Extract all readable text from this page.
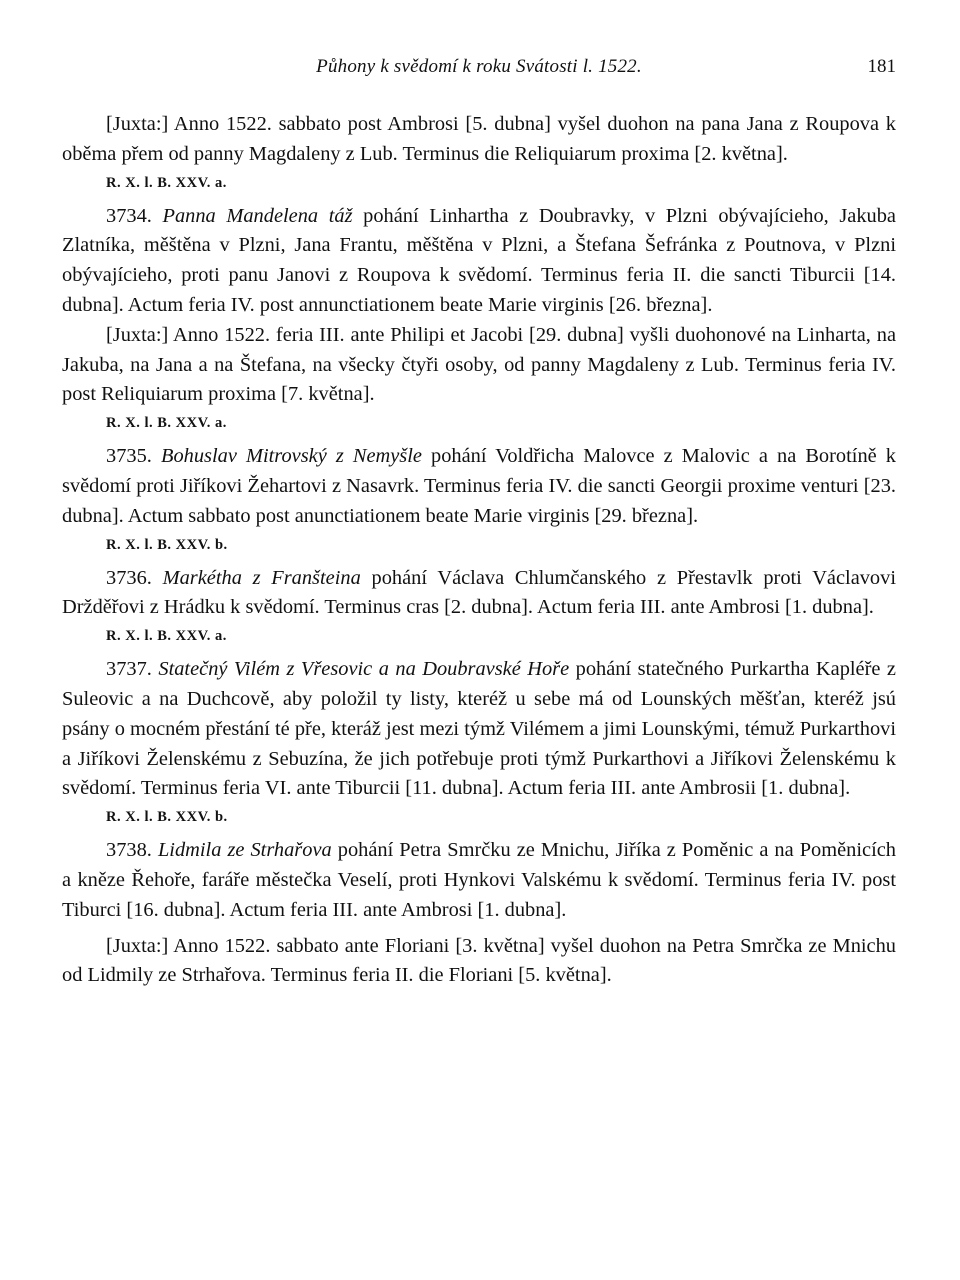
Půhony k svědomí k roku Svátosti l. 1522.	181

[Juxta:] Anno 1522. sabbato post Ambrosi [5. dubna] vyšel duohon na pana Jana z Roupova k oběma přem od panny Magdaleny z Lub. Terminus die Reliquiarum proxima [2. května].

R. X. l. B. XXV. a.

3734. Panna Mandelena táž pohání Linhartha z Doubravky, v Plzni obývajícieho, Jakuba Zlatníka, měštěna v Plzni, Jana Frantu, měštěna v Plzni, a Štefana Šefránka z Poutnova, v Plzni obývajícieho, proti panu Janovi z Roupova k svědomí. Terminus feria II. die sancti Tiburcii [14. dubna]. Actum feria IV. post annunctiationem beate Marie virginis [26. března].

[Juxta:] Anno 1522. feria III. ante Philipi et Jacobi [29. dubna] vyšli duohonové na Linharta, na Jakuba, na Jana a na Štefana, na všecky čtyři osoby, od panny Magdaleny z Lub. Terminus feria IV. post Reliquiarum proxima [7. května].

R. X. l. B. XXV. a.

3735. Bohuslav Mitrovský z Nemyšle pohání Voldřicha Malovce z Malovic a na Borotíně k svědomí proti Jiříkovi Žehartovi z Nasavrk. Terminus feria IV. die sancti Georgii proxime venturi [23. dubna]. Actum sabbato post anunctiationem beate Marie virginis [29. března].

R. X. l. B. XXV. b.

3736. Markétha z Franšteina pohání Václava Chlumčanského z Přestavlk proti Václavovi Držděřovi z Hrádku k svědomí. Terminus cras [2. dubna]. Actum feria III. ante Ambrosi [1. dubna].

R. X. l. B. XXV. a.

3737. Statečný Vilém z Vřesovic a na Doubravské Hoře pohání statečného Purkartha Kapléře z Suleovic a na Duchcově, aby položil ty listy, kteréž u sebe má od Lounských měšťan, kteréž jsú psány o mocném přestání té pře, kteráž jest mezi týmž Vilémem a jimi Lounskými, témuž Purkarthovi a Jiříkovi Želenskému z Sebuzína, že jich potřebuje proti týmž Purkarthovi a Jiříkovi Želenskému k svědomí. Terminus feria VI. ante Tiburcii [11. dubna]. Actum feria III. ante Ambrosii [1. dubna].

R. X. l. B. XXV. b.

3738. Lidmila ze Strhařova pohání Petra Smrčku ze Mnichu, Jiříka z Poměnic a na Poměnicích a kněze Řehoře, faráře městečka Veselí, proti Hynkovi Valskému k svědomí. Terminus feria IV. post Tiburci [16. dubna]. Actum feria III. ante Ambrosi [1. dubna].

[Juxta:] Anno 1522. sabbato ante Floriani [3. května] vyšel duohon na Petra Smrčka ze Mnichu od Lidmily ze Strhařova. Terminus feria II. die Floriani [5. května].
